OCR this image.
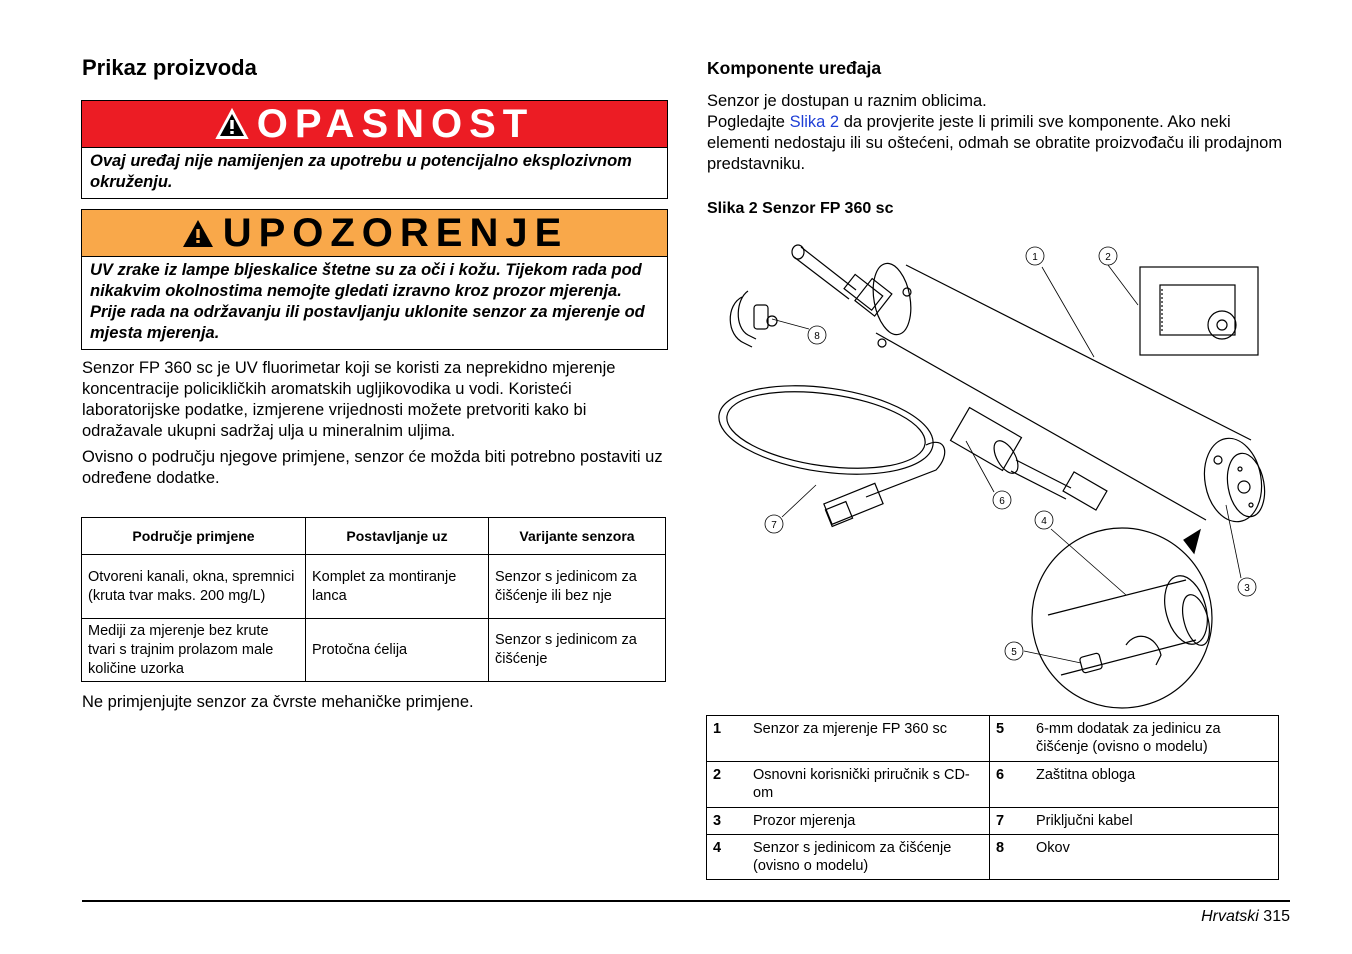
Prikaz proizvoda
OPASNOST
Ovaj uređaj nije namijenjen za upotrebu u potencijalno eksplozivnom okruženju.
UPOZORENJE
UV zrake iz lampe bljeskalice štetne su za oči i kožu. Tijekom rada pod nikakvim okolnostima nemojte gledati izravno kroz prozor mjerenja. Prije rada na održavanju ili postavljanju uklonite senzor za mjerenje od mjesta mjerenja.

Senzor FP 360 sc je UV fluorimetar koji se koristi za neprekidno mjerenje koncentracije policikličkih aromatskih ugljikovodika u vodi. Koristeći laboratorijske podatke, izmjerene vrijednosti možete pretvoriti kako bi odražavale ukupni sadržaj ulja u mineralnim uljima.

Ovisno o području njegove primjene, senzor će možda biti potrebno postaviti uz određene dodatke.

Područje primjene	Postavljanje uz	Varijante senzora
Otvoreni kanali, okna, spremnici (kruta tvar maks. 200 mg/L)	Komplet za montiranje lanca	Senzor s jedinicom za čišćenje ili bez nje
Mediji za mjerenje bez krute tvari s trajnim prolazom male količine uzorka	Protočna ćelija	Senzor s jedinicom za čišćenje

Ne primjenjujte senzor za čvrste mehaničke primjene.

Komponente uređaja

Senzor je dostupan u raznim oblicima.
Pogledajte Slika 2 da provjerite jeste li primili sve komponente. Ako neki elementi nedostaju ili su oštećeni, odmah se obratite proizvođaču ili prodajnom predstavniku.

Slika 2 Senzor FP 360 sc
1	2
3
4
5
6
7
8
1	Senzor za mjerenje FP 360 sc	5	6-mm dodatak za jedinicu za čišćenje (ovisno o modelu)
2	Osnovni korisnički priručnik s CD-om	6	Zaštitna obloga
3	Prozor mjerenja	7	Priključni kabel
4	Senzor s jedinicom za čišćenje (ovisno o modelu)	8	Okov
Hrvatski 315
